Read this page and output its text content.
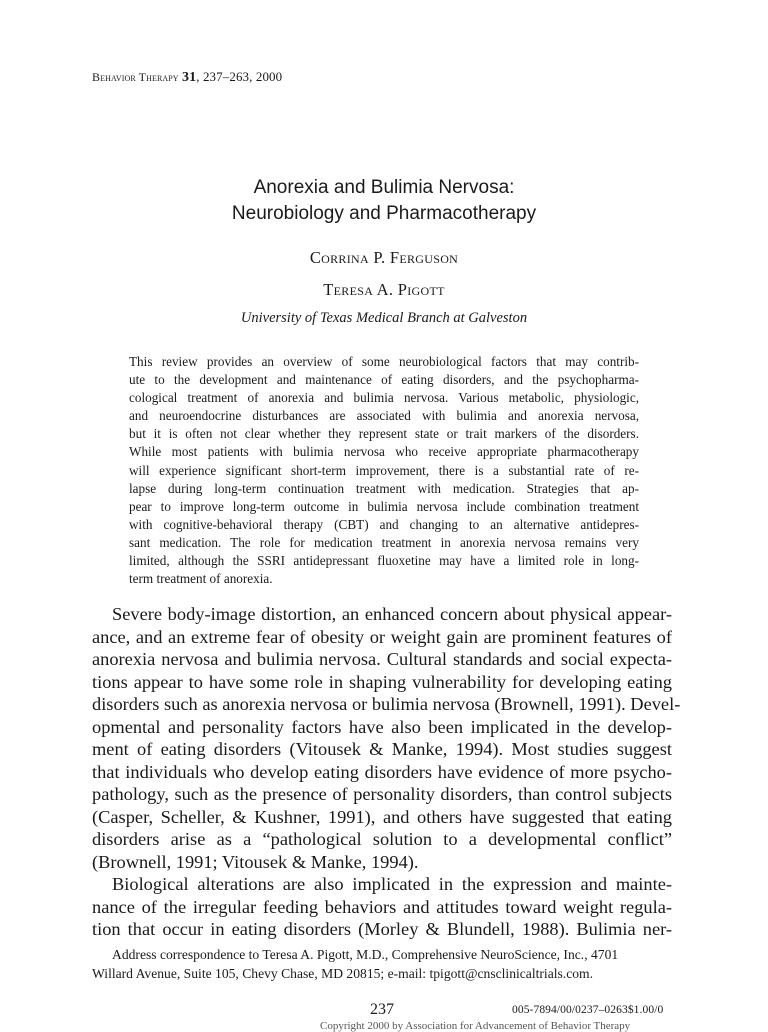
Behavior Therapy 31, 237–263, 2000
Anorexia and Bulimia Nervosa:
Neurobiology and Pharmacotherapy
Corrina P. Ferguson
Teresa A. Pigott
University of Texas Medical Branch at Galveston
This review provides an overview of some neurobiological factors that may contrib-
ute to the development and maintenance of eating disorders, and the psychopharma-
cological treatment of anorexia and bulimia nervosa. Various metabolic, physiologic,
and neuroendocrine disturbances are associated with bulimia and anorexia nervosa,
but it is often not clear whether they represent state or trait markers of the disorders.
While most patients with bulimia nervosa who receive appropriate pharmacotherapy
will experience significant short-term improvement, there is a substantial rate of re-
lapse during long-term continuation treatment with medication. Strategies that ap-
pear to improve long-term outcome in bulimia nervosa include combination treatment
with cognitive-behavioral therapy (CBT) and changing to an alternative antidepres-
sant medication. The role for medication treatment in anorexia nervosa remains very
limited, although the SSRI antidepressant fluoxetine may have a limited role in long-
term treatment of anorexia.
Severe body-image distortion, an enhanced concern about physical appear-
ance, and an extreme fear of obesity or weight gain are prominent features of
anorexia nervosa and bulimia nervosa. Cultural standards and social expecta-
tions appear to have some role in shaping vulnerability for developing eating
disorders such as anorexia nervosa or bulimia nervosa (Brownell, 1991). Devel-
opmental and personality factors have also been implicated in the develop-
ment of eating disorders (Vitousek & Manke, 1994). Most studies suggest
that individuals who develop eating disorders have evidence of more psycho-
pathology, such as the presence of personality disorders, than control subjects
(Casper, Scheller, & Kushner, 1991), and others have suggested that eating
disorders arise as a “pathological solution to a developmental conflict”
(Brownell, 1991; Vitousek & Manke, 1994).
Biological alterations are also implicated in the expression and mainte-
nance of the irregular feeding behaviors and attitudes toward weight regula-
tion that occur in eating disorders (Morley & Blundell, 1988). Bulimia ner-
Address correspondence to Teresa A. Pigott, M.D., Comprehensive NeuroScience, Inc., 4701
Willard Avenue, Suite 105, Chevy Chase, MD 20815; e-mail: tpigott@cnsclinicaltrials.com.
237	005-7894/00/0237–0263$1.00/0
Copyright 2000 by Association for Advancement of Behavior Therapy
